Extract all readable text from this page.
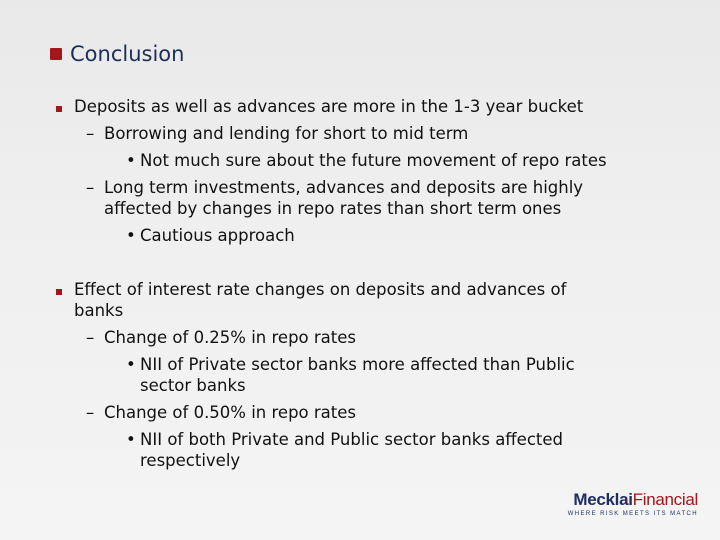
Conclusion
Deposits as well as advances are more in the 1-3 year bucket
– Borrowing and lending for short to mid term
• Not much sure about the future movement of repo rates
– Long term investments, advances and deposits are highly
affected by changes in repo rates than short term ones
• Cautious approach
Effect of interest rate changes on deposits and advances of
banks
– Change of 0.25% in repo rates
• NII of Private sector banks more affected than Public
sector banks
– Change of 0.50% in repo rates
• NII of both Private and Public sector banks affected
respectively
MecklaiFinancial
WHERE RISK MEETS ITS MATCH
